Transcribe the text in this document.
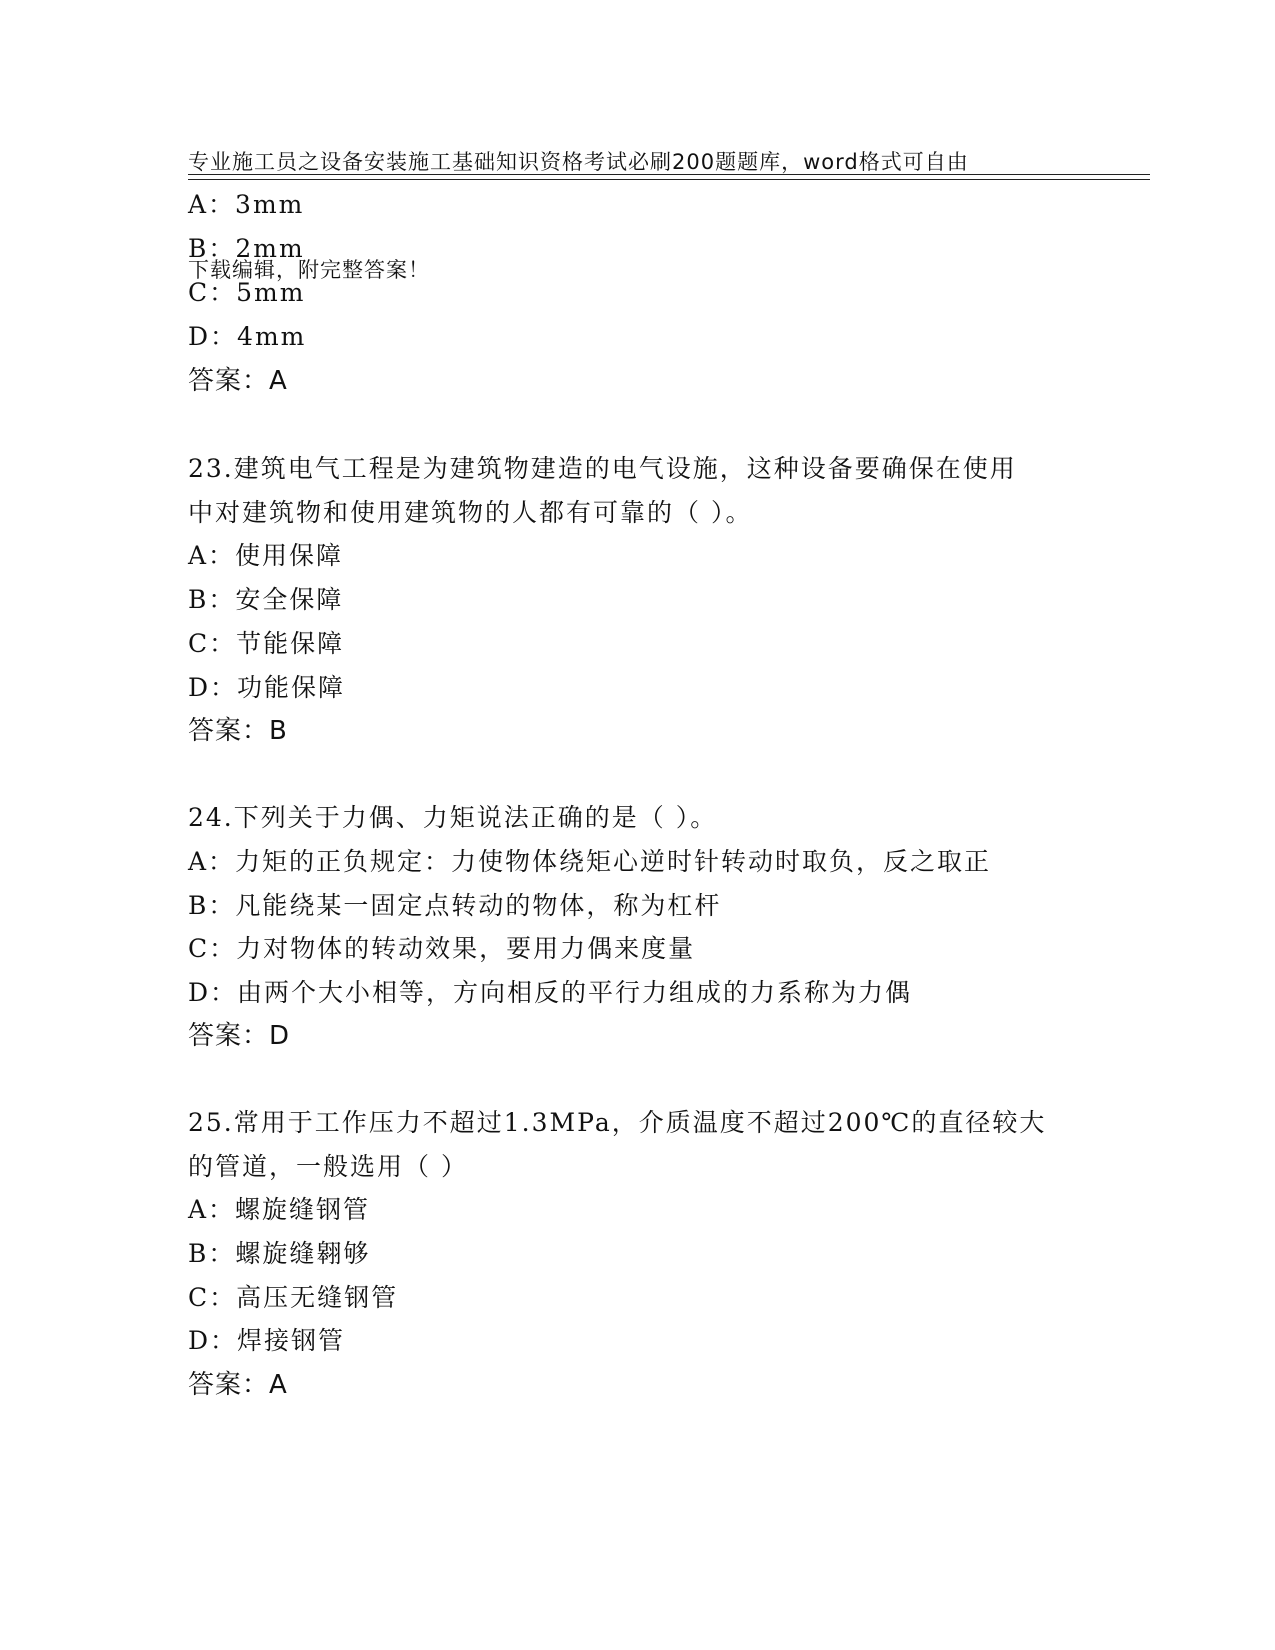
专业施工员之设备安装施工基础知识资格考试必刷200题题库，word格式可自由

下载编辑，附完整答案！

A：3mm
B：2mm
C：5mm
D：4mm
答案：A
23.建筑电气工程是为建筑物建造的电气设施，这种设备要确保在使用
中对建筑物和使用建筑物的人都有可靠的（ ）。
A：使用保障
B：安全保障
C：节能保障
D：功能保障
答案：B
24.下列关于力偶、力矩说法正确的是（ ）。
A：力矩的正负规定：力使物体绕矩心逆时针转动时取负，反之取正
B：凡能绕某一固定点转动的物体，称为杠杆
C：力对物体的转动效果，要用力偶来度量
D：由两个大小相等，方向相反的平行力组成的力系称为力偶
答案：D
25.常用于工作压力不超过1.3MPa，介质温度不超过200℃的直径较大
的管道，一般选用（ ）
A：螺旋缝钢管
B：螺旋缝翱够
C：高压无缝钢管
D：焊接钢管
答案：A
